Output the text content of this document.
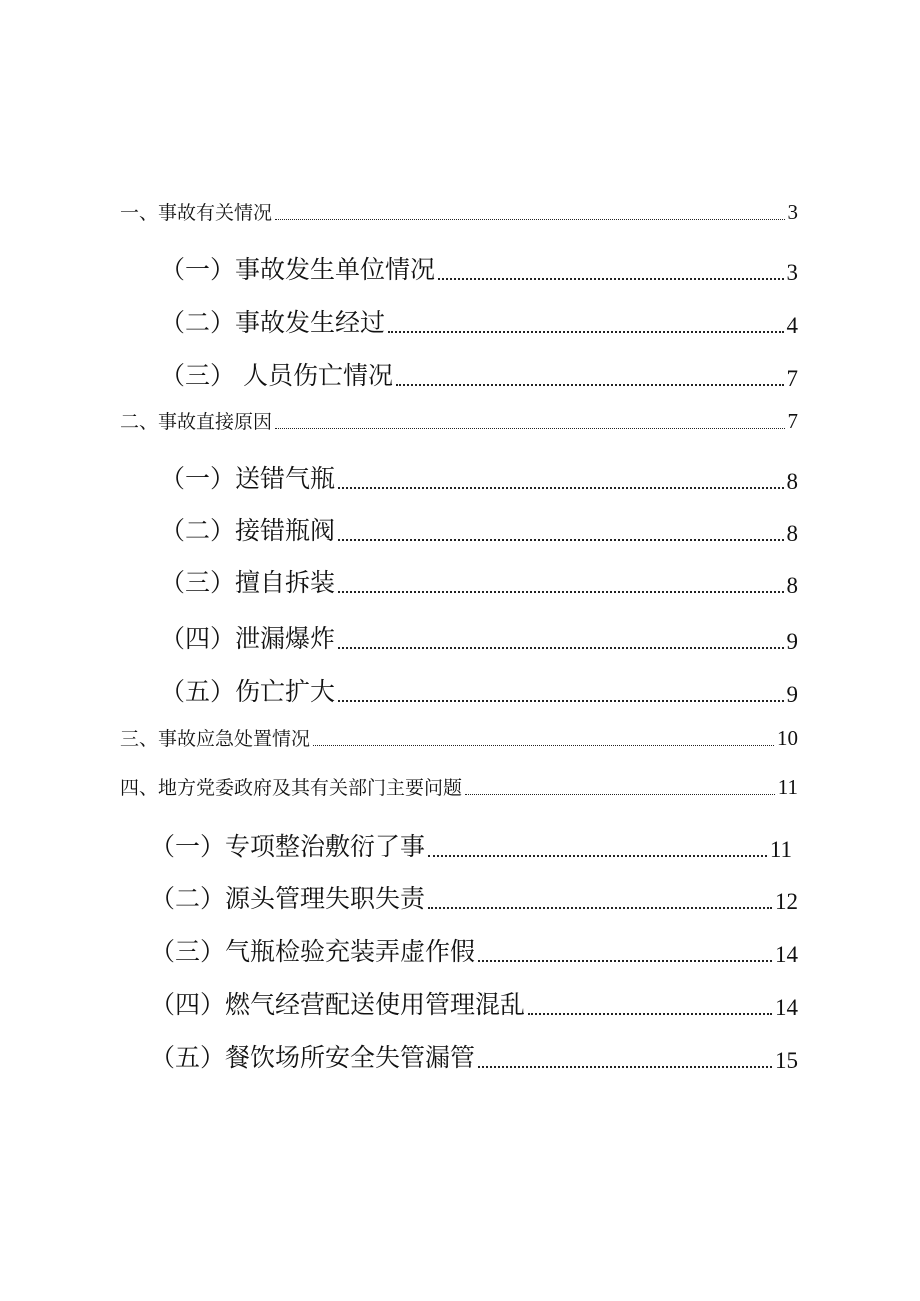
一、事故有关情况	3
（一）事故发生单位情况	3
（二）事故发生经过	4
（三） 人员伤亡情况	7
二、事故直接原因	7
（一）送错气瓶	8
（二）接错瓶阀	8
（三）擅自拆装	8
（四）泄漏爆炸	9
（五）伤亡扩大	9
三、事故应急处置情况	10
四、地方党委政府及其有关部门主要问题	11
（一）专项整治敷衍了事	11
（二）源头管理失职失责	12
（三）气瓶检验充装弄虚作假	14
（四）燃气经营配送使用管理混乱	14
（五）餐饮场所安全失管漏管	15
